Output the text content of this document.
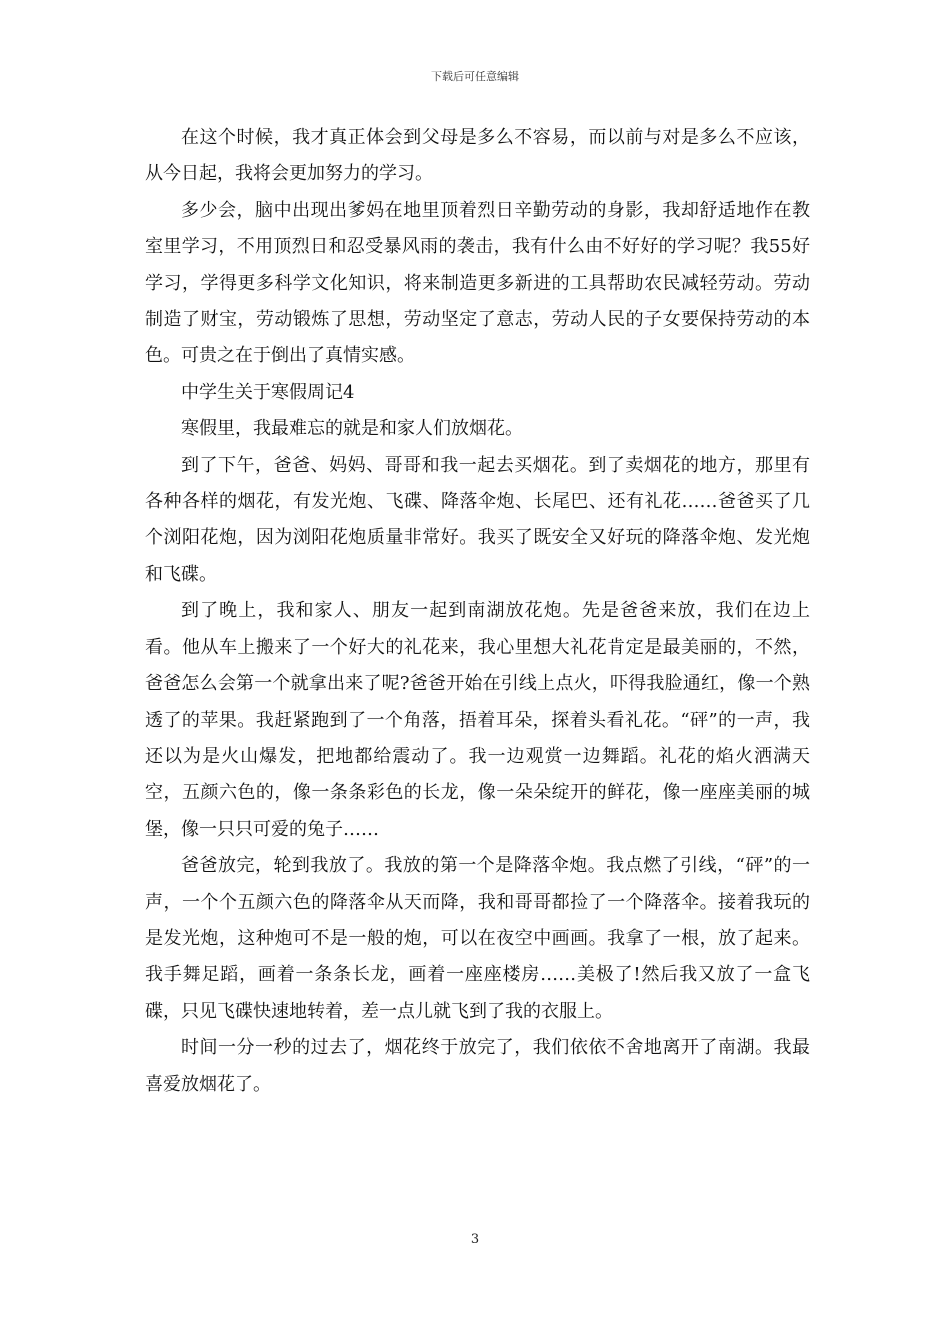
下载后可任意编辑

在这个时候，我才真正体会到父母是多么不容易，而以前与对是多么不应该，从今日起，我将会更加努力的学习。

多少会，脑中出现出爹妈在地里顶着烈日辛勤劳动的身影，我却舒适地作在教室里学习，不用顶烈日和忍受暴风雨的袭击，我有什么由不好好的学习呢？我55好学习，学得更多科学文化知识，将来制造更多新进的工具帮助农民减轻劳动。劳动制造了财宝，劳动锻炼了思想，劳动坚定了意志，劳动人民的子女要保持劳动的本色。可贵之在于倒出了真情实感。

中学生关于寒假周记4

寒假里，我最难忘的就是和家人们放烟花。

到了下午，爸爸、妈妈、哥哥和我一起去买烟花。到了卖烟花的地方，那里有各种各样的烟花，有发光炮、飞碟、降落伞炮、长尾巴、还有礼花……爸爸买了几个浏阳花炮，因为浏阳花炮质量非常好。我买了既安全又好玩的降落伞炮、发光炮和飞碟。

到了晚上，我和家人、朋友一起到南湖放花炮。先是爸爸来放，我们在边上看。他从车上搬来了一个好大的礼花来，我心里想大礼花肯定是最美丽的，不然，爸爸怎么会第一个就拿出来了呢?爸爸开始在引线上点火，吓得我脸通红，像一个熟透了的苹果。我赶紧跑到了一个角落，捂着耳朵，探着头看礼花。“砰”的一声，我还以为是火山爆发，把地都给震动了。我一边观赏一边舞蹈。礼花的焰火洒满天空，五颜六色的，像一条条彩色的长龙，像一朵朵绽开的鲜花，像一座座美丽的城堡，像一只只可爱的兔子……

爸爸放完，轮到我放了。我放的第一个是降落伞炮。我点燃了引线，“砰”的一声，一个个五颜六色的降落伞从天而降，我和哥哥都捡了一个降落伞。接着我玩的是发光炮，这种炮可不是一般的炮，可以在夜空中画画。我拿了一根，放了起来。我手舞足蹈，画着一条条长龙，画着一座座楼房……美极了!然后我又放了一盒飞碟，只见飞碟快速地转着，差一点儿就飞到了我的衣服上。

时间一分一秒的过去了，烟花终于放完了，我们依依不舍地离开了南湖。我最喜爱放烟花了。

3
